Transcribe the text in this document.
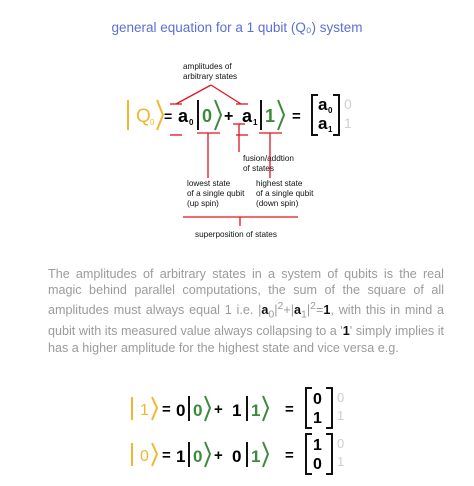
general equation for a 1 qubit (Q₀) system
amplitudes of
arbitrary states
Q 0 = a 0 0 + a 1 1 =
a 0
a 1
0
1
fusion/addtion
of states
lowest state
of a single qubit
(up spin)
highest state
of a single qubit
(down spin)
superposition of states
1 = 0 0 + 1 1 =
0
1
0
1
0 = 1 0 + 0 1 =
1
0
0
1

The amplitudes of arbitrary states in a system of qubits is the real magic behind parallel computations, the sum of the square of all amplitudes must always equal 1 i.e. $|a_0|^2+|a_1|^2=1$, with this in mind a qubit with its measured value always collapsing to a '1' simply implies it has a higher amplitude for the highest state and vice versa e.g.
